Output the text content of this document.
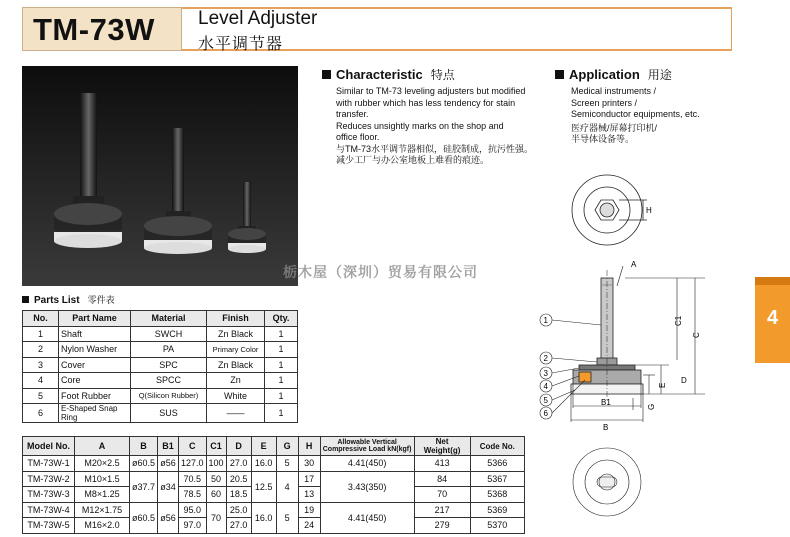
TM-73W	Level Adjuster
水平调节器
Characteristic 特点
Similar to TM-73 leveling adjusters but modified
with rubber which has less tendency for stain
transfer.
Reduces unsightly marks on the shop and
office floor.
与TM-73水平调节器相似，硅胶制成，抗污性强。
减少工厂与办公室地板上难看的痕迹。
Application 用途
Medical instruments /
Screen printers /
Semiconductor equipments, etc.
医疗器械/屏幕打印机/
半导体设备等。
栃木屋（深圳）贸易有限公司
Parts List 零件表
No.	Part Name	Material	Finish	Qty.
1	Shaft	SWCH	Zn Black	1
2	Nylon Washer	PA	Primary Color	1
3	Cover	SPC	Zn Black	1
4	Core	SPCC	Zn	1
5	Foot Rubber	Q(Silicon Rubber)	White	1
6	E-Shaped Snap Ring	SUS	——	1
Model No.	A	B	B1	C	C1	D	E	G	H	Allowable Vertical
Compressive Load kN(kgf)	Net Weight(g)	Code No.
TM-73W-1	M20×2.5	ø60.5	ø56	127.0	100	27.0	16.0	5	30	4.41(450)	413	5366
TM-73W-2	M10×1.5	ø37.7	ø34	70.5	50	20.5	12.5	4	17	3.43(350)	84	5367
TM-73W-3	M8×1.25			78.5	60	18.5			13		70	5368
TM-73W-4	M12×1.75	ø60.5	ø56	95.0	70	25.0	16.0	5	19	4.41(450)	217	5369
TM-73W-5	M16×2.0			97.0		27.0			24		279	5370
H
A
C1
C
D
E
G
B1
B
1
2
3
4
5
6
4
